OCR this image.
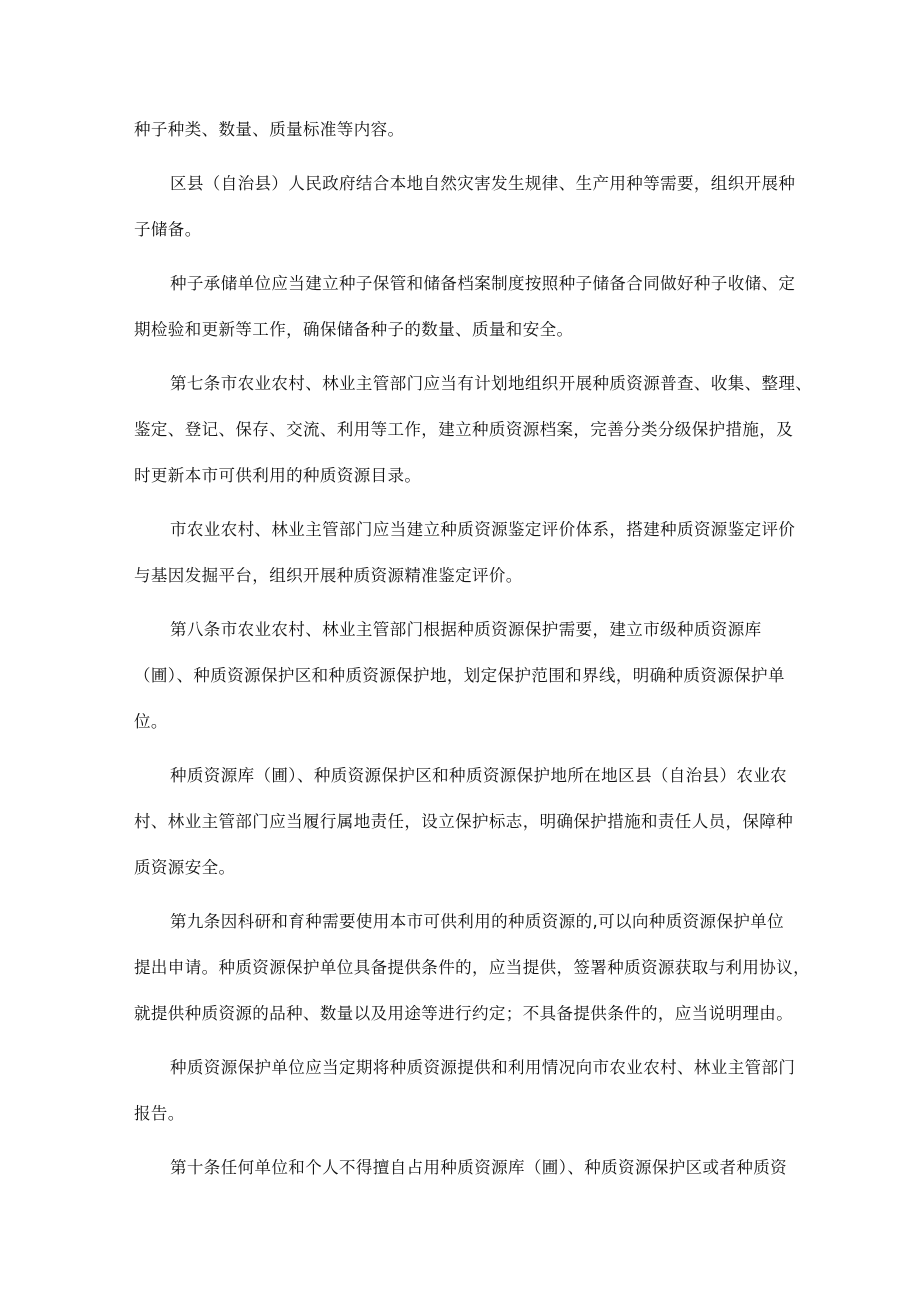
种子种类、数量、质量标准等内容。
区县（自治县）人民政府结合本地自然灾害发生规律、生产用种等需要，组织开展种
子储备。
种子承储单位应当建立种子保管和储备档案制度按照种子储备合同做好种子收储、定
期检验和更新等工作，确保储备种子的数量、质量和安全。
第七条市农业农村、林业主管部门应当有计划地组织开展种质资源普查、收集、整理、
鉴定、登记、保存、交流、利用等工作，建立种质资源档案，完善分类分级保护措施，及
时更新本市可供利用的种质资源目录。
市农业农村、林业主管部门应当建立种质资源鉴定评价体系，搭建种质资源鉴定评价
与基因发掘平台，组织开展种质资源精准鉴定评价。
第八条市农业农村、林业主管部门根据种质资源保护需要，建立市级种质资源库
（圃）、种质资源保护区和种质资源保护地，划定保护范围和界线，明确种质资源保护单
位。
种质资源库（圃）、种质资源保护区和种质资源保护地所在地区县（自治县）农业农
村、林业主管部门应当履行属地责任，设立保护标志，明确保护措施和责任人员，保障种
质资源安全。
第九条因科研和育种需要使用本市可供利用的种质资源的,可以向种质资源保护单位
提出申请。种质资源保护单位具备提供条件的，应当提供，签署种质资源获取与利用协议，
就提供种质资源的品种、数量以及用途等进行约定；不具备提供条件的，应当说明理由。
种质资源保护单位应当定期将种质资源提供和利用情况向市农业农村、林业主管部门
报告。
第十条任何单位和个人不得擅自占用种质资源库（圃）、种质资源保护区或者种质资
